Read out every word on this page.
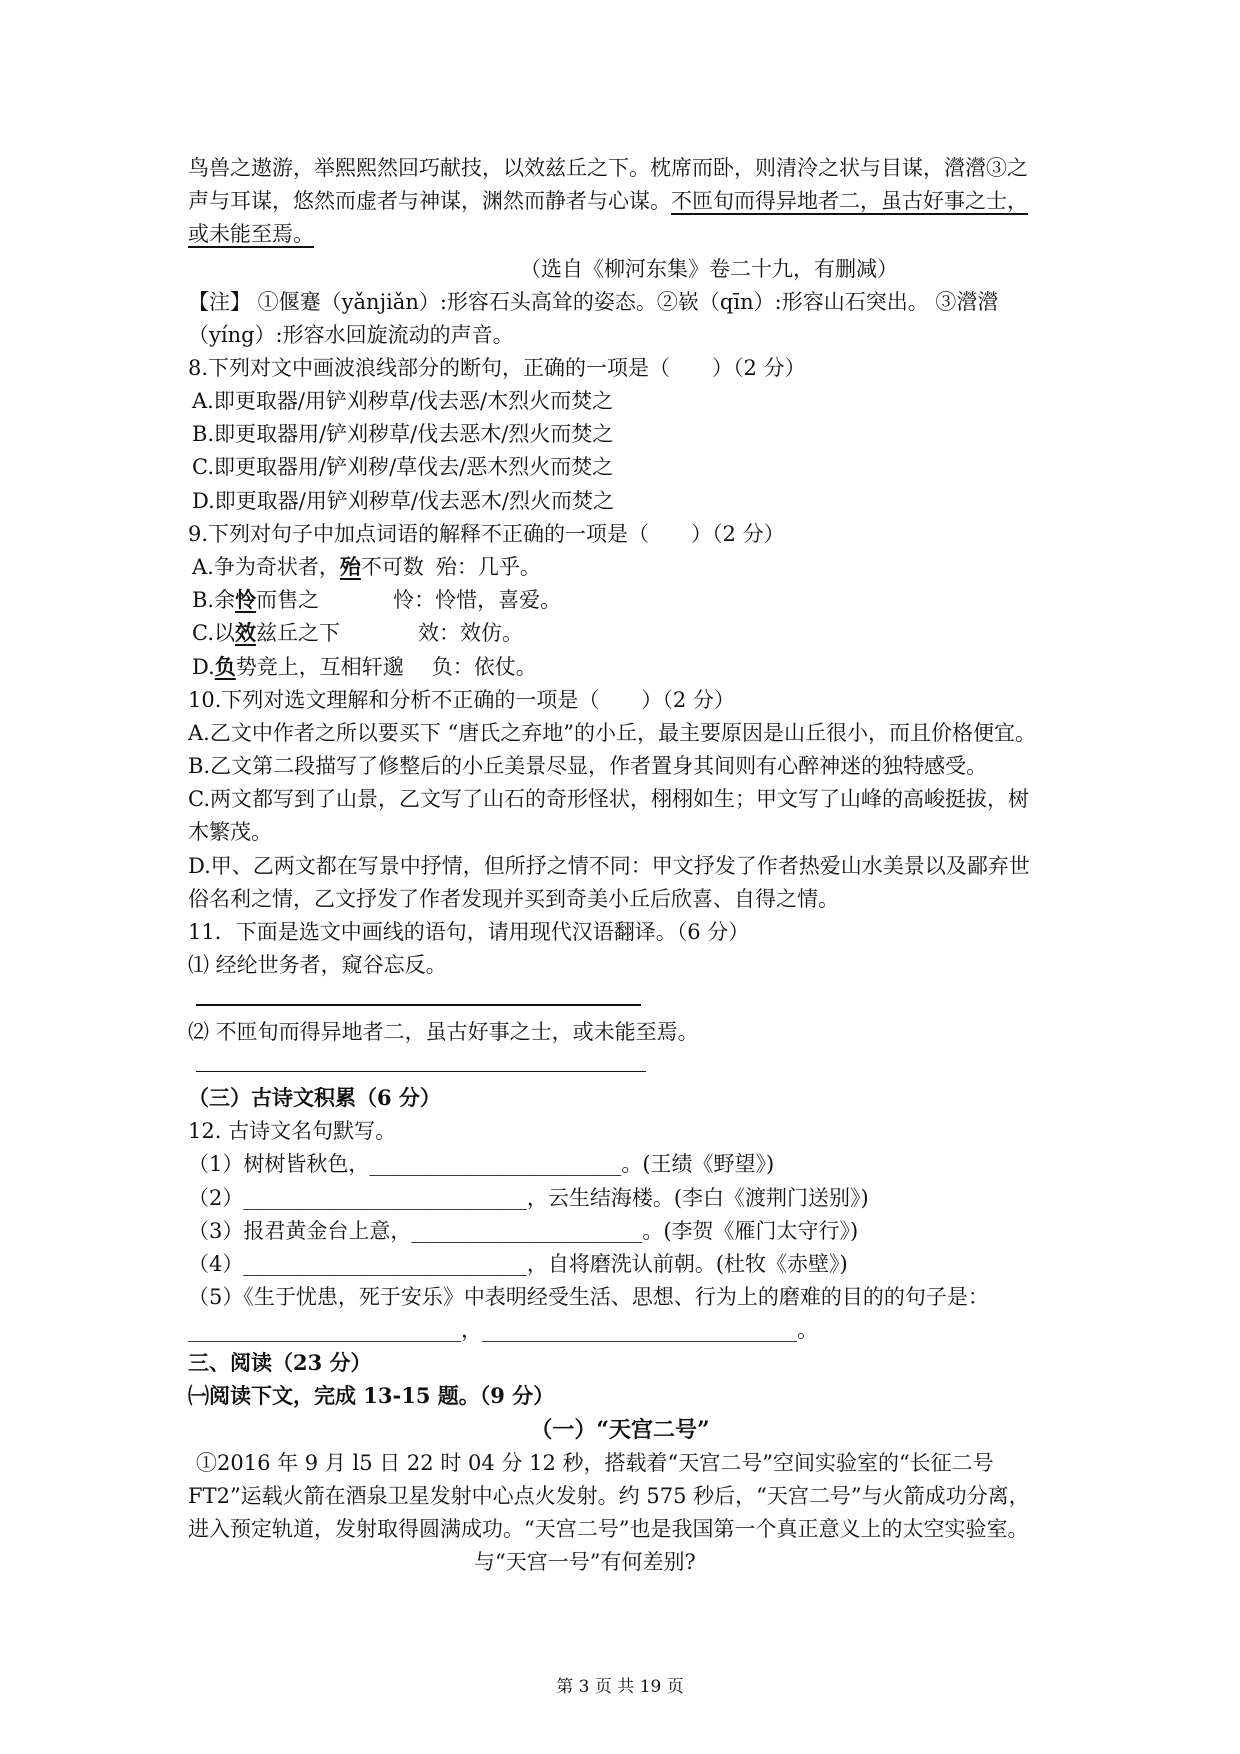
鸟兽之遨游，举熙熙然回巧献技，以效兹丘之下。枕席而卧，则清泠之状与目谋，瀯瀯③之
声与耳谋，悠然而虚者与神谋，渊然而静者与心谋。不匝旬而得异地者二，虽古好事之士，
或未能至焉。
（选自《柳河东集》卷二十九，有删减）
【注】 ①偃蹇（yǎnjiǎn）:形容石头高耸的姿态。②嵚（qīn）:形容山石突出。 ③瀯瀯
（yíng）:形容水回旋流动的声音。
8.下列对文中画波浪线部分的断句，正确的一项是（　　）（2 分）
A.即更取器/用铲刈秽草/伐去恶/木烈火而焚之
B.即更取器用/铲刈秽草/伐去恶木/烈火而焚之
C.即更取器用/铲刈秽/草伐去/恶木烈火而焚之
D.即更取器/用铲刈秽草/伐去恶木/烈火而焚之
9.下列对句子中加点词语的解释不正确的一项是（　　）（2 分）
A.争为奇状者，殆不可数 殆：几乎。
B.余怜而售之	怜：怜惜，喜爱。
C.以效兹丘之下	效：效仿。
D.负势竞上，互相轩邈 负：依仗。
10.下列对选文理解和分析不正确的一项是（　　）（2 分）
A.乙文中作者之所以要买下 “唐氏之弃地”的小丘，最主要原因是山丘很小，而且价格便宜。
B.乙文第二段描写了修整后的小丘美景尽显，作者置身其间则有心醉神迷的独特感受。
C.两文都写到了山景，乙文写了山石的奇形怪状，栩栩如生；甲文写了山峰的高峻挺拔，树
木繁茂。
D.甲、乙两文都在写景中抒情，但所抒之情不同：甲文抒发了作者热爱山水美景以及鄙弃世
俗名利之情，乙文抒发了作者发现并买到奇美小丘后欣喜、自得之情。
11．下面是选文中画线的语句，请用现代汉语翻译。（6 分）
⑴ 经纶世务者，窥谷忘反。
⑵ 不匝旬而得异地者二，虽古好事之士，或未能至焉。
（三）古诗文积累（6 分）
12. 古诗文名句默写。
（1）树树皆秋色，________________________。(王绩《野望》)
（2）___________________________，云生结海楼。(李白《渡荆门送别》)
（3）报君黄金台上意，______________________。(李贺《雁门太守行》)
（4）___________________________，自将磨洗认前朝。(杜牧《赤壁》)
（5）《生于忧患，死于安乐》中表明经受生活、思想、行为上的磨难的目的的句子是：
__________________________，______________________________。
三、阅读（23 分）
㈠阅读下文，完成 13-15 题。（9 分）
（一）“天宫二号”
①2016 年 9 月 l5 日 22 时 04 分 12 秒，搭载着“天宫二号”空间实验室的“长征二号
FT2”运载火箭在酒泉卫星发射中心点火发射。约 575 秒后，“天宫二号”与火箭成功分离，
进入预定轨道，发射取得圆满成功。“天宫二号”也是我国第一个真正意义上的太空实验室。
与“天宫一号”有何差别?
第 3 页 共 19 页
